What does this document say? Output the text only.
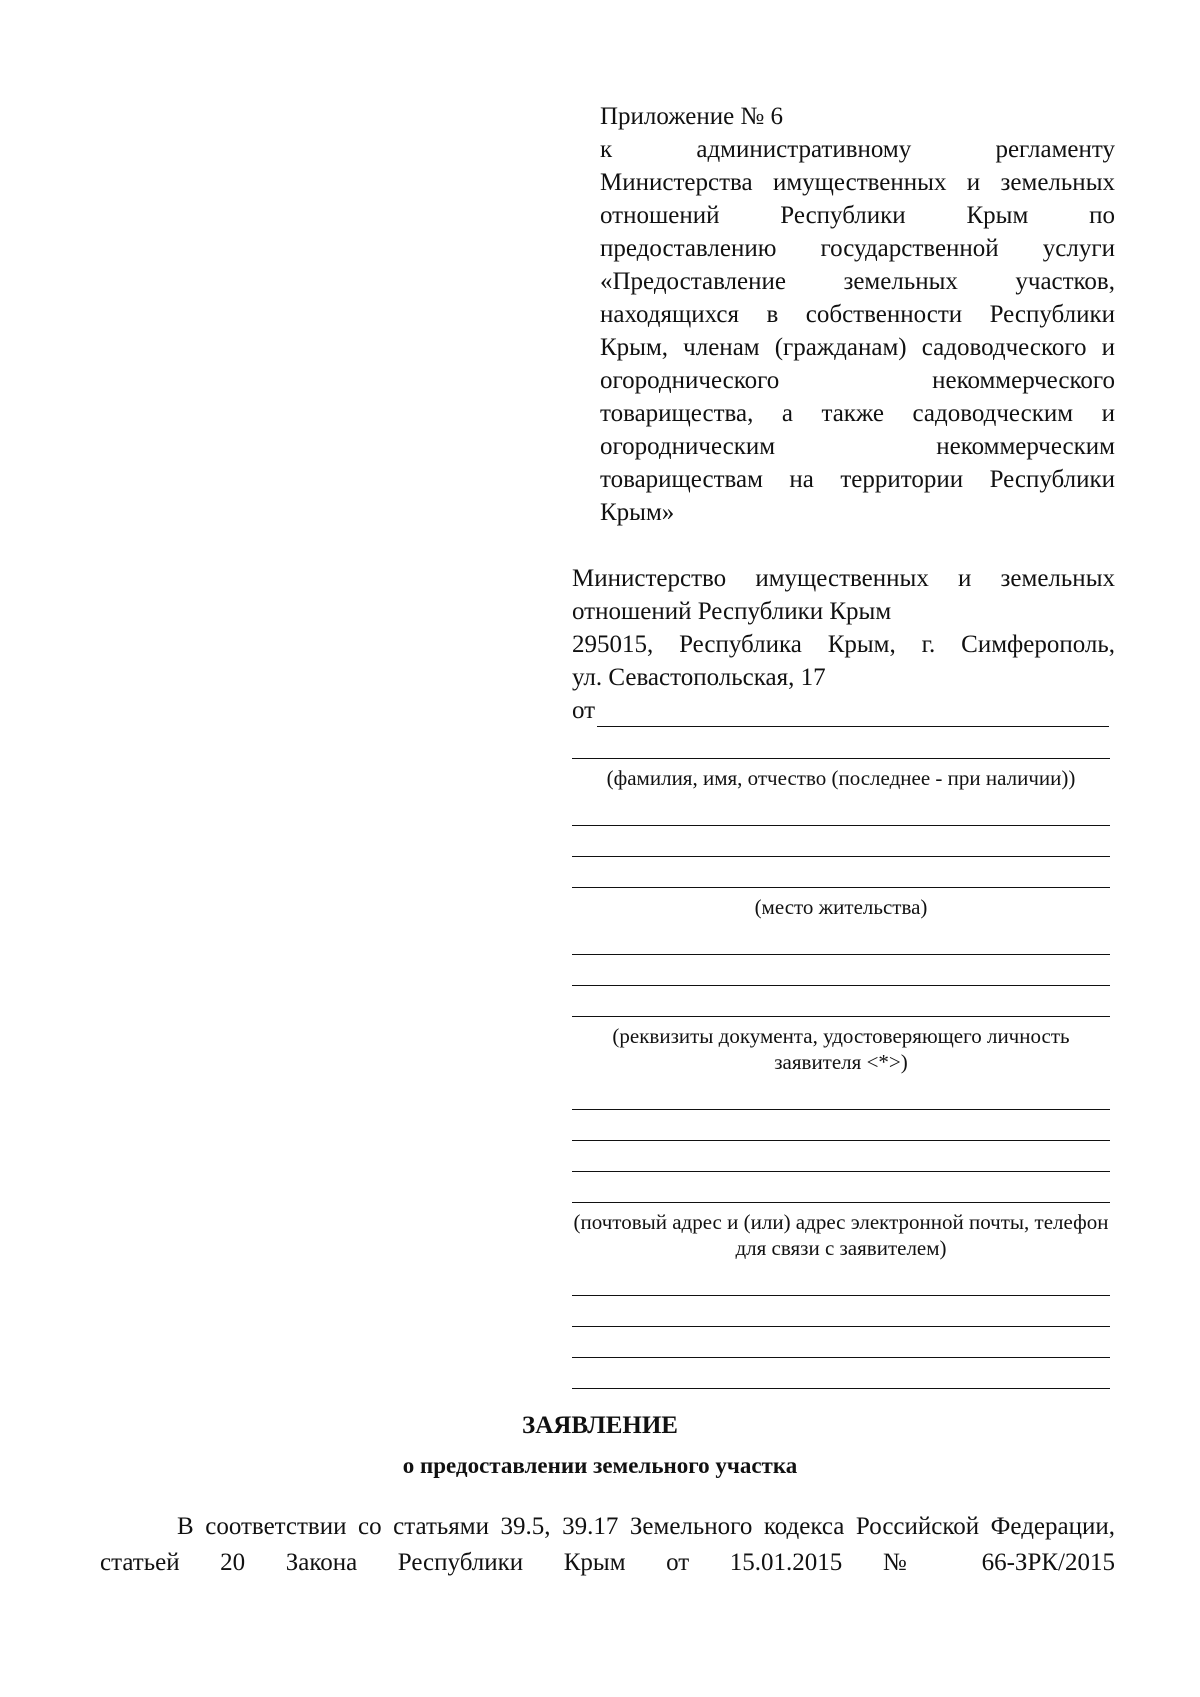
Приложение № 6
к административному регламенту Министерства имущественных и земельных отношений Республики Крым по предоставлению государственной услуги «Предоставление земельных участков, находящихся в собственности Республики Крым, членам (гражданам) садоводческого и огороднического некоммерческого товарищества, а также садоводческим и огородническим некоммерческим товариществам на территории Республики Крым»
Министерство имущественных и земельных
отношений Республики Крым
295015, Республика Крым, г. Симферополь,
ул. Севастопольская, 17
от
(фамилия, имя, отчество (последнее - при наличии))
(место жительства)
(реквизиты документа, удостоверяющего личность заявителя <*>)
(почтовый адрес и (или) адрес электронной почты, телефон для связи с заявителем)
ЗАЯВЛЕНИЕ
о предоставлении земельного участка
В соответствии со статьями 39.5, 39.17 Земельного кодекса Российской Федерации, статьей 20 Закона Республики Крым от 15.01.2015 № 66-ЗРК/2015
